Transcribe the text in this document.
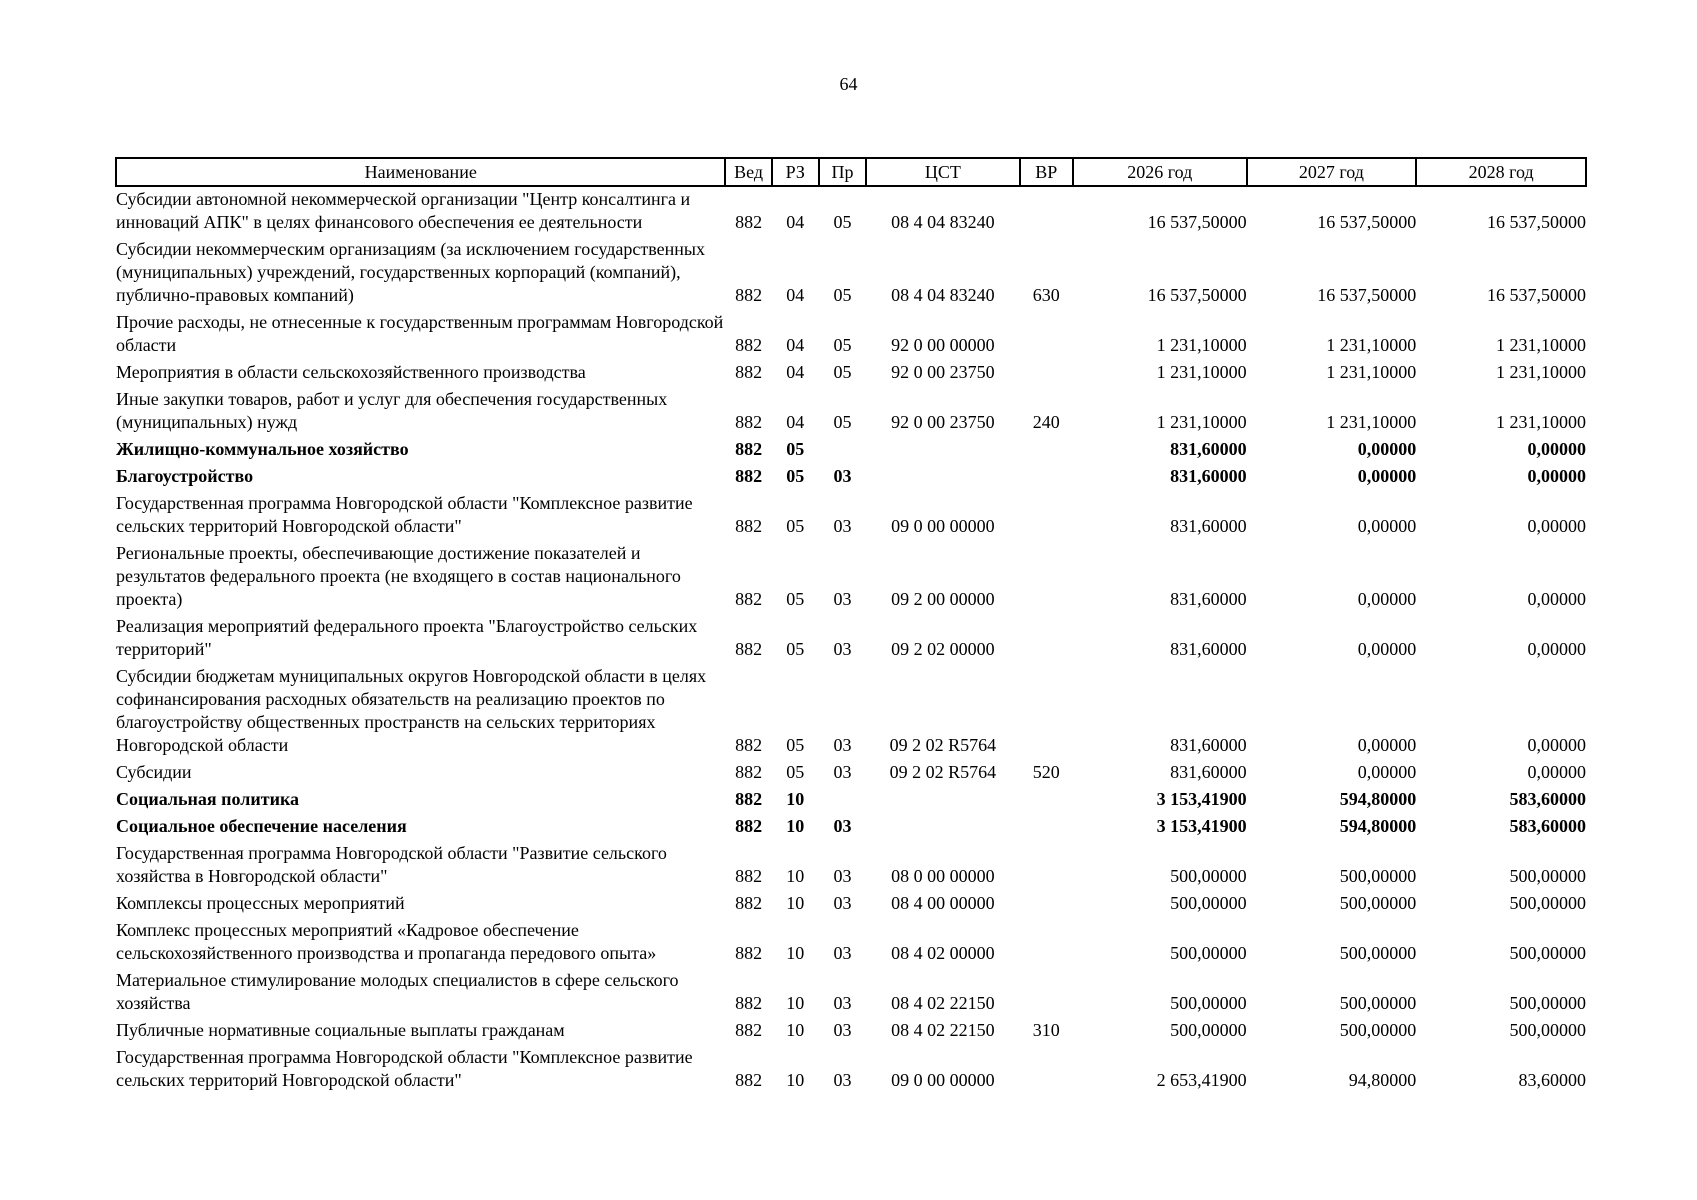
64
Наименование	Вед	РЗ	Пр	ЦСТ	ВР	2026 год	2027 год	2028 год
Субсидии автономной некоммерческой организации "Центр консалтинга и инноваций АПК" в целях финансового обеспечения ее деятельности	882	04	05	08 4 04 83240		16 537,50000	16 537,50000	16 537,50000
Субсидии некоммерческим организациям (за исключением государственных (муниципальных) учреждений, государственных корпораций (компаний), публично-правовых компаний)	882	04	05	08 4 04 83240	630	16 537,50000	16 537,50000	16 537,50000
Прочие расходы, не отнесенные к государственным программам Новгородской области	882	04	05	92 0 00 00000		1 231,10000	1 231,10000	1 231,10000
Мероприятия в области сельскохозяйственного производства	882	04	05	92 0 00 23750		1 231,10000	1 231,10000	1 231,10000
Иные закупки товаров, работ и услуг для обеспечения государственных (муниципальных) нужд	882	04	05	92 0 00 23750	240	1 231,10000	1 231,10000	1 231,10000
Жилищно-коммунальное хозяйство	882	05				831,60000	0,00000	0,00000
Благоустройство	882	05	03			831,60000	0,00000	0,00000
Государственная программа Новгородской области "Комплексное развитие сельских территорий Новгородской области"	882	05	03	09 0 00 00000		831,60000	0,00000	0,00000
Региональные проекты, обеспечивающие достижение показателей и результатов федерального проекта (не входящего в состав национального проекта)	882	05	03	09 2 00 00000		831,60000	0,00000	0,00000
Реализация мероприятий федерального проекта "Благоустройство сельских территорий"	882	05	03	09 2 02 00000		831,60000	0,00000	0,00000
Субсидии бюджетам муниципальных округов Новгородской области в целях софинансирования расходных обязательств на реализацию проектов по благоустройству общественных пространств на сельских территориях Новгородской области	882	05	03	09 2 02 R5764		831,60000	0,00000	0,00000
Субсидии	882	05	03	09 2 02 R5764	520	831,60000	0,00000	0,00000
Социальная политика	882	10				3 153,41900	594,80000	583,60000
Социальное обеспечение населения	882	10	03			3 153,41900	594,80000	583,60000
Государственная программа Новгородской области "Развитие сельского хозяйства в Новгородской области"	882	10	03	08 0 00 00000		500,00000	500,00000	500,00000
Комплексы процессных мероприятий	882	10	03	08 4 00 00000		500,00000	500,00000	500,00000
Комплекс процессных мероприятий «Кадровое обеспечение сельскохозяйственного производства и пропаганда передового опыта»	882	10	03	08 4 02 00000		500,00000	500,00000	500,00000
Материальное стимулирование молодых специалистов в сфере сельского хозяйства	882	10	03	08 4 02 22150		500,00000	500,00000	500,00000
Публичные нормативные социальные выплаты гражданам	882	10	03	08 4 02 22150	310	500,00000	500,00000	500,00000
Государственная программа Новгородской области "Комплексное развитие сельских территорий Новгородской области"	882	10	03	09 0 00 00000		2 653,41900	94,80000	83,60000
